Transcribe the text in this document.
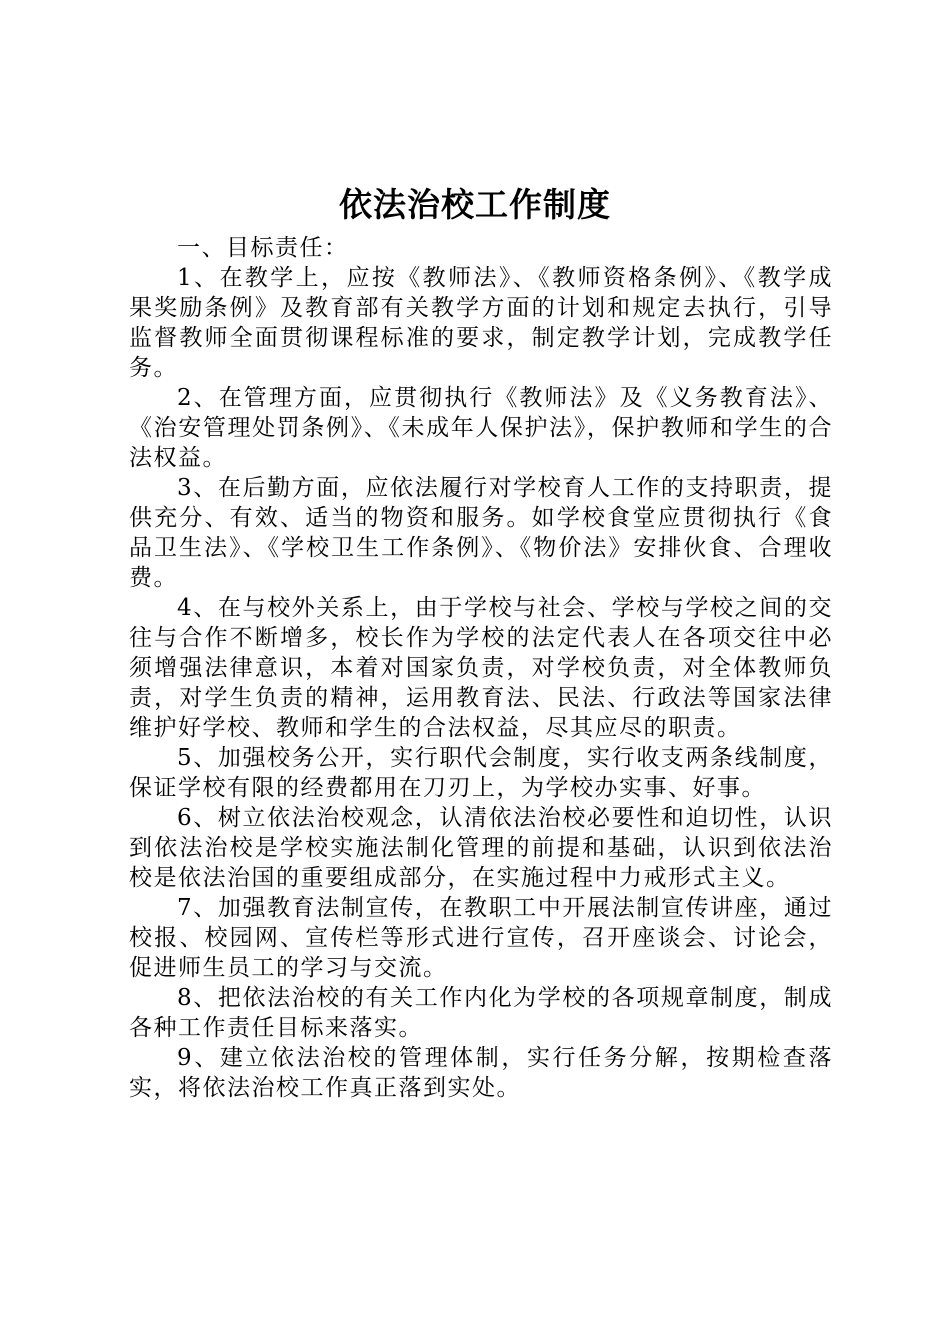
依法治校工作制度

一、目标责任：

1、在教学上，应按《教师法》、《教师资格条例》、《教学成果奖励条例》及教育部有关教学方面的计划和规定去执行，引导监督教师全面贯彻课程标准的要求，制定教学计划，完成教学任务。

2、在管理方面，应贯彻执行《教师法》及《义务教育法》、《治安管理处罚条例》、《未成年人保护法》，保护教师和学生的合法权益。

3、在后勤方面，应依法履行对学校育人工作的支持职责，提供充分、有效、适当的物资和服务。如学校食堂应贯彻执行《食品卫生法》、《学校卫生工作条例》、《物价法》安排伙食、合理收费。

4、在与校外关系上，由于学校与社会、学校与学校之间的交往与合作不断增多，校长作为学校的法定代表人在各项交往中必须增强法律意识，本着对国家负责，对学校负责，对全体教师负责，对学生负责的精神，运用教育法、民法、行政法等国家法律维护好学校、教师和学生的合法权益，尽其应尽的职责。

5、加强校务公开，实行职代会制度，实行收支两条线制度，保证学校有限的经费都用在刀刃上，为学校办实事、好事。

6、树立依法治校观念，认清依法治校必要性和迫切性，认识到依法治校是学校实施法制化管理的前提和基础，认识到依法治校是依法治国的重要组成部分，在实施过程中力戒形式主义。

7、加强教育法制宣传，在教职工中开展法制宣传讲座，通过校报、校园网、宣传栏等形式进行宣传，召开座谈会、讨论会，促进师生员工的学习与交流。

8、把依法治校的有关工作内化为学校的各项规章制度，制成各种工作责任目标来落实。

9、建立依法治校的管理体制，实行任务分解，按期检查落实，将依法治校工作真正落到实处。
